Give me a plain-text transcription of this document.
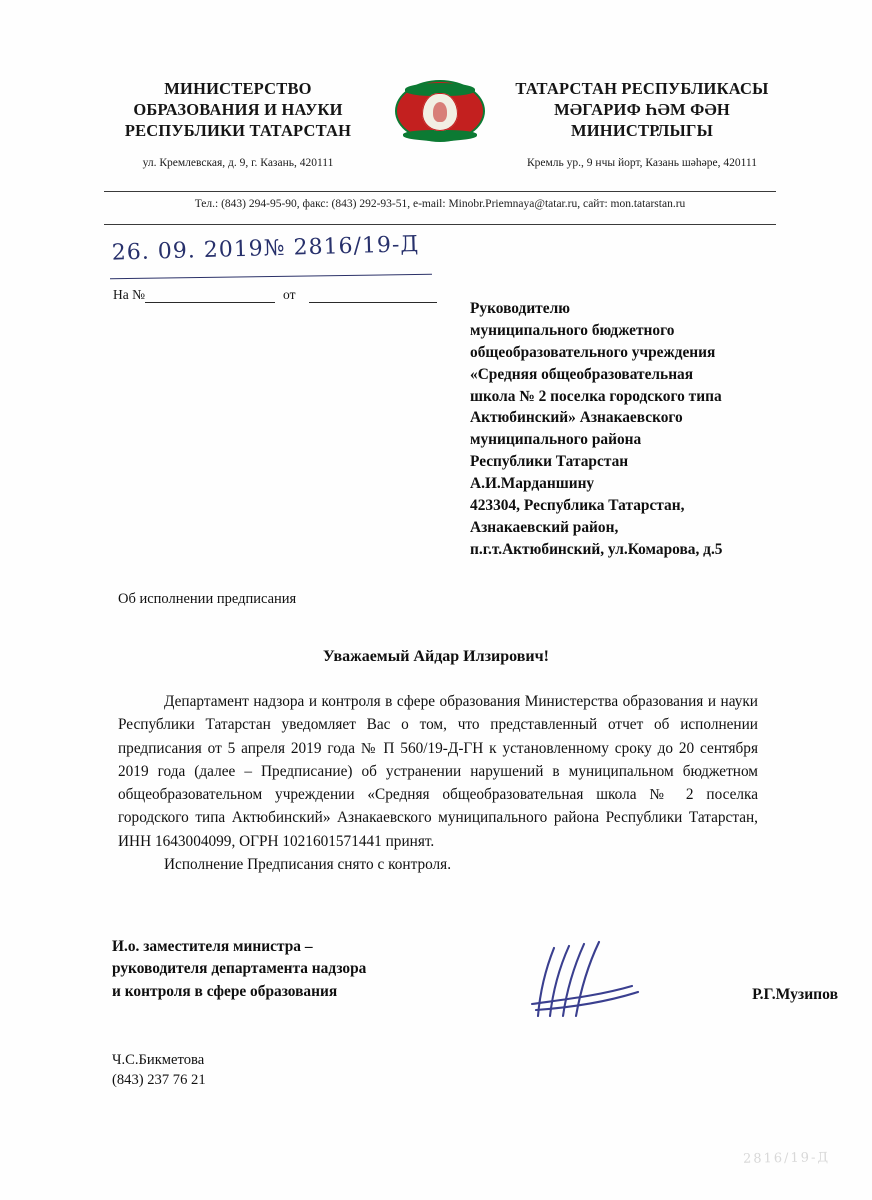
МИНИСТЕРСТВО
ОБРАЗОВАНИЯ И НАУКИ
РЕСПУБЛИКИ ТАТАРСТАН
ул. Кремлевская, д. 9, г. Казань, 420111
ТАТАРСТАН РЕСПУБЛИКАСЫ
МӘГАРИФ ҺӘМ ФӘН
МИНИСТРЛЫГЫ
Кремль ур., 9 нчы йорт, Казань шәһәре, 420111
Тел.: (843) 294-95-90, факс: (843) 292-93-51, e-mail: Minobr.Priemnaya@tatar.ru, сайт: mon.tatarstan.ru
26. 09. 2019№ 2816/19-Д
На №	от
Руководителю
муниципального бюджетного
общеобразовательного учреждения
«Средняя общеобразовательная
школа № 2 поселка городского типа
Актюбинский» Азнакаевского
муниципального района
Республики Татарстан
А.И.Марданшину
423304, Республика Татарстан,
Азнакаевский район,
п.г.т.Актюбинский, ул.Комарова, д.5
Об исполнении предписания
Уважаемый Айдар Илзирович!

Департамент надзора и контроля в сфере образования Министерства образования и науки Республики Татарстан уведомляет Вас о том, что представленный отчет об исполнении предписания от 5 апреля 2019 года № П 560/19-Д-ГН к установленному сроку до 20 сентября 2019 года (далее – Предписание) об устранении нарушений в муниципальном бюджетном общеобразовательном учреждении «Средняя общеобразовательная школа № 2 поселка городского типа Актюбинский» Азнакаевского муниципального района Республики Татарстан, ИНН 1643004099, ОГРН 1021601571441 принят.

Исполнение Предписания снято с контроля.

И.о. заместителя министра –
руководителя департамента надзора
и контроля в сфере образования	Р.Г.Музипов
Ч.С.Бикметова
(843) 237 76 21
2816/19-Д
